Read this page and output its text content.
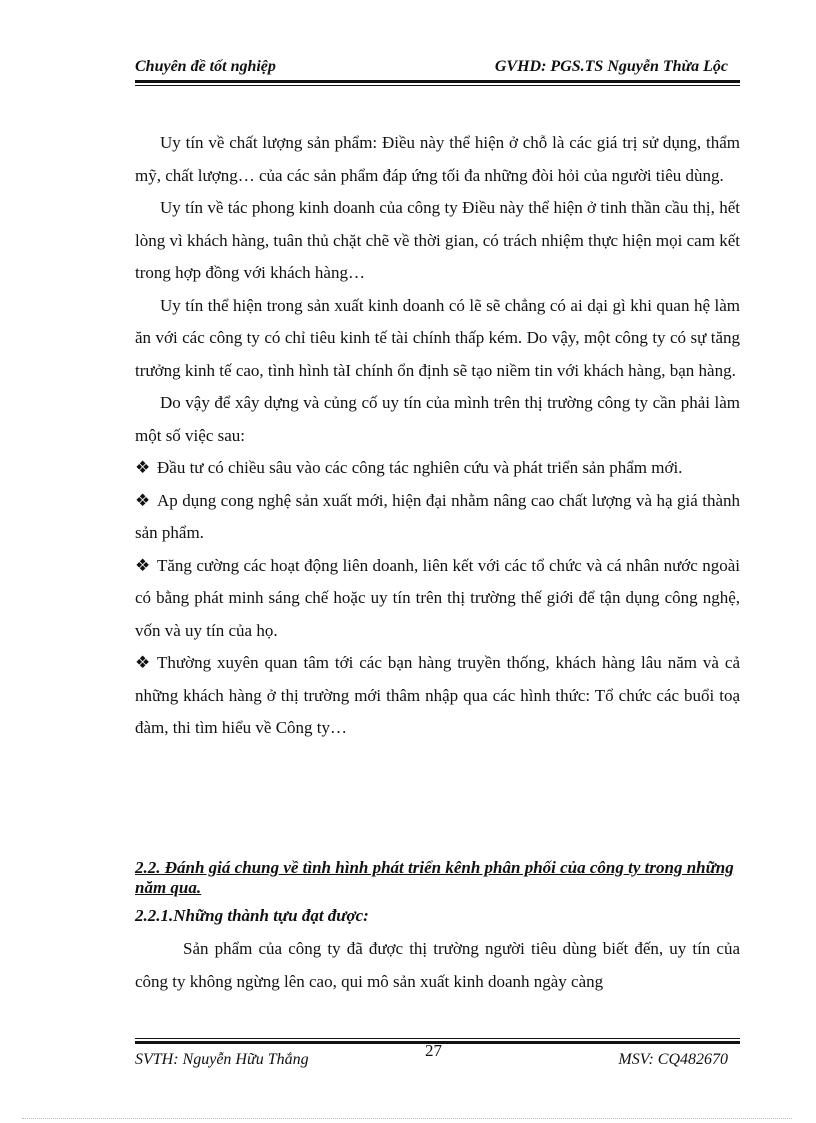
Chuyên đề tốt nghiệp	GVHD: PGS.TS Nguyễn Thừa Lộc

Uy tín về chất lượng sản phẩm: Điều này thể hiện ở chỗ là các giá trị sử dụng, thẩm mỹ, chất lượng… của các sản phẩm đáp ứng tối đa những đòi hỏi của người tiêu dùng.

Uy tín về tác phong kinh doanh của công ty Điều này thể hiện ở tinh thần cầu thị, hết lòng vì khách hàng, tuân thủ chặt chẽ về thời gian, có trách nhiệm thực hiện mọi cam kết trong hợp đồng với khách hàng…

Uy tín thể hiện trong sản xuất kinh doanh có lẽ sẽ chẳng có ai dại gì khi quan hệ làm ăn với các công ty có chỉ tiêu kinh tế tài chính thấp kém. Do vậy, một công ty có sự tăng trưởng kinh tế cao, tình hình tàI chính ổn định sẽ tạo niềm tin với khách hàng, bạn hàng.

Do vậy để xây dựng và củng cố uy tín của mình trên thị trường công ty cần phải làm một số việc sau:

❖ Đầu tư có chiều sâu vào các công tác nghiên cứu và phát triển sản phẩm mới.

❖ Ap dụng cong nghệ sản xuất mới, hiện đại nhằm nâng cao chất lượng và hạ giá thành sản phẩm.

❖ Tăng cường các hoạt động liên doanh, liên kết với các tổ chức và cá nhân nước ngoài có bằng phát minh sáng chế hoặc uy tín trên thị trường thế giới để tận dụng công nghệ, vốn và uy tín của họ.

❖ Thường xuyên quan tâm tới các bạn hàng truyền thống, khách hàng lâu năm và cả những khách hàng ở thị trường mới thâm nhập qua các hình thức: Tổ chức các buổi toạ đàm, thi tìm hiểu về Công ty…

2.2. Đánh giá chung về tình hình phát triển kênh phân phối của công ty trong những năm qua.
2.2.1.Những thành tựu đạt được:

Sản phẩm của công ty đã được thị trường người tiêu dùng biết đến, uy tín của công ty không ngừng lên cao, qui mô sản xuất kinh doanh ngày càng

SVTH: Nguyễn Hữu Thắng	27	MSV: CQ482670
